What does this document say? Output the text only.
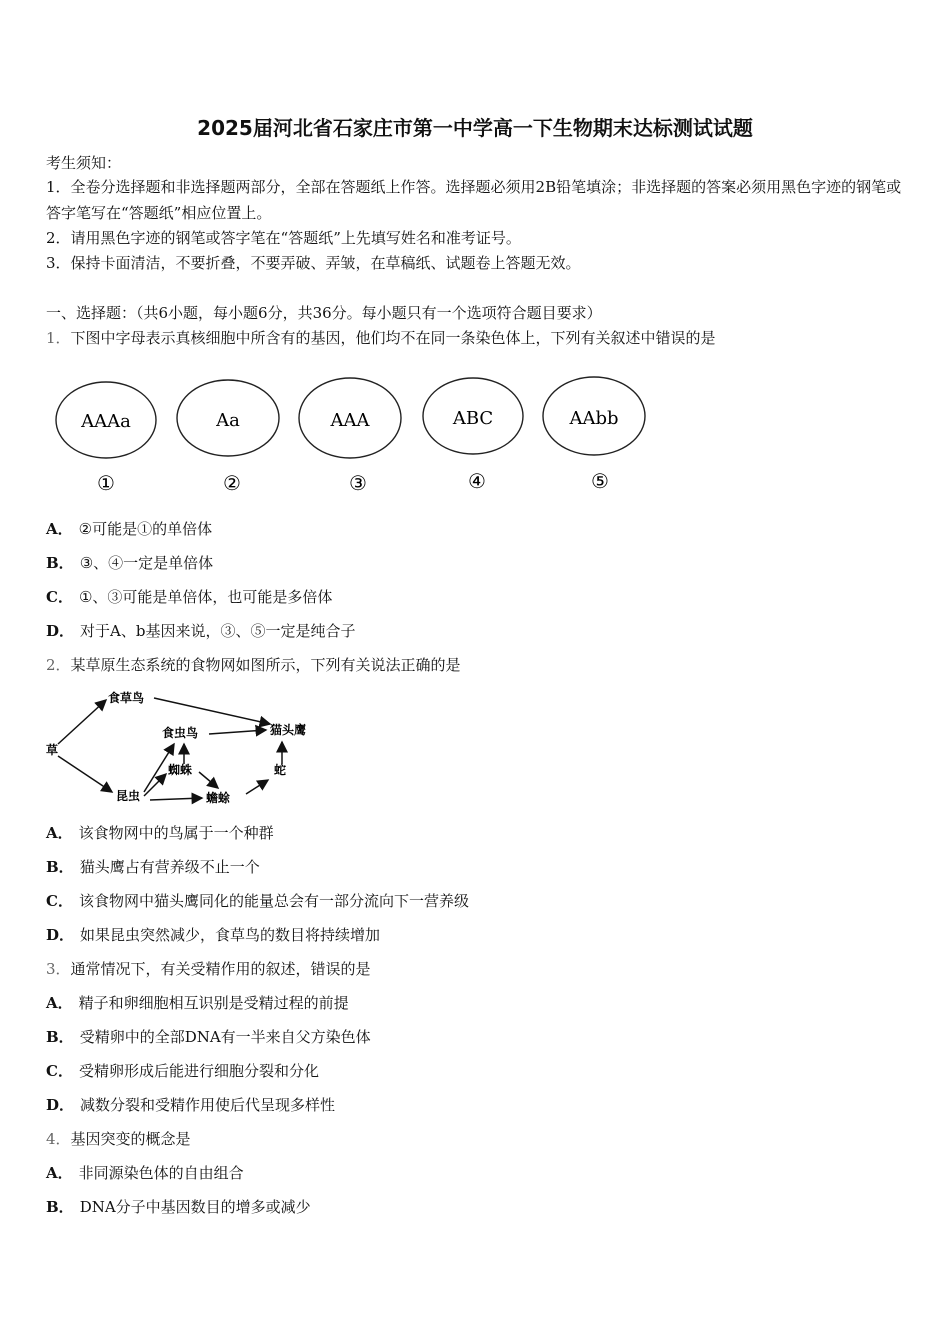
2025届河北省石家庄市第一中学高一下生物期末达标测试试题
考生须知：
1．全卷分选择题和非选择题两部分，全部在答题纸上作答。选择题必须用2B铅笔填涂；非选择题的答案必须用黑色字迹的钢笔或答字笔写在“答题纸”相应位置上。
2．请用黑色字迹的钢笔或答字笔在“答题纸”上先填写姓名和准考证号。
3．保持卡面清洁，不要折叠，不要弄破、弄皱，在草稿纸、试题卷上答题无效。
一、选择题：（共6小题，每小题6分，共36分。每小题只有一个选项符合题目要求）
1．下图中字母表示真核细胞中所含有的基因，他们均不在同一条染色体上，下列有关叙述中错误的是
AAAa
①
Aa
②
AAA
③
ABC
④
AAbb
⑤
A． ②可能是①的单倍体
B． ③、④一定是单倍体
C． ①、③可能是单倍体，也可能是多倍体
D． 对于A、b基因来说，③、⑤一定是纯合子
2．某草原生态系统的食物网如图所示，下列有关说法正确的是
草
食草鸟
食虫鸟	猫头鹰
蜘蛛	蛇
昆虫	蟾蜍
A． 该食物网中的鸟属于一个种群
B． 猫头鹰占有营养级不止一个
C． 该食物网中猫头鹰同化的能量总会有一部分流向下一营养级
D． 如果昆虫突然减少，食草鸟的数目将持续增加
3．通常情况下，有关受精作用的叙述，错误的是
A． 精子和卵细胞相互识别是受精过程的前提
B． 受精卵中的全部DNA有一半来自父方染色体
C． 受精卵形成后能进行细胞分裂和分化
D． 减数分裂和受精作用使后代呈现多样性
4．基因突变的概念是
A． 非同源染色体的自由组合
B． DNA分子中基因数目的增多或减少
